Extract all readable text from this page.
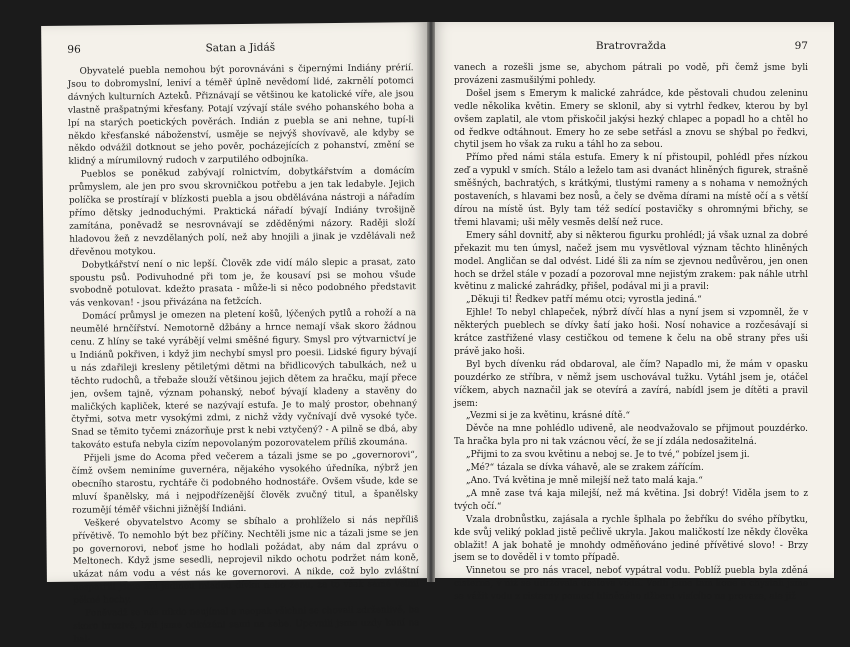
96	Satan a Jidáš

Obyvatelé puebla nemohou být porovnáváni s čipernými Indiány prérií. Jsou to dobromyslní, leniví a téměř úplně nevědomí lidé, zakrnělí potomci dávných kulturních Azteků. Přiznávají se většinou ke katolické víře, ale jsou vlastně prašpatnými křesťany. Potají vzývají stále svého pohanského boha a lpí na starých poetických pověrách. Indián z puebla se ani nehne, tupí-li někdo křesťanské náboženství, usměje se nejvýš shovívavě, ale kdyby se někdo odvážil dotknout se jeho pověr, pocházejících z pohanství, změní se klidný a mírumilovný rudoch v zarputilého odbojníka.

Pueblos se poněkud zabývají rolnictvím, dobytkářstvím a domácím průmyslem, ale jen pro svou skrovničkou potřebu a jen tak ledabyle. Jejich políčka se prostírají v blízkosti puebla a jsou obdělávána nástroji a nářadím přímo dětsky jednoduchými. Praktická nářadí bývají Indiány tvrošijně zamítána, poněvadž se nesrovnávají se zděděnými názory. Raději složí hladovou žeň z nevzdělaných polí, než aby hnojili a jinak je vzdělávali než dřevěnou motykou.

Dobytkářství není o nic lepší. Člověk zde vidí málo slepic a prasat, zato spoustu psů. Podivuhodné při tom je, že kousaví psi se mohou všude svobodně potulovat. kdežto prasata - může-li si něco podobného představit vás venkovan! - jsou přivázána na fetžcích.

Domácí průmysl je omezen na pletení košů, lýčených pytlů a rohoží a na neumělé hrnčířství. Nemotorně džbány a hrnce nemají však skoro žádnou cenu. Z hlíny se také vyrábějí velmi směšné figury. Smysl pro výtvarnictví je u Indiánů pokřiven, i když jim nechybí smysl pro poesii. Lidské figury bývají u nás zdařileji kresleny pětiletými dětmi na břidlicových tabulkách, než u těchto rudochů, a třebaže slouží většinou jejich dětem za hračku, mají přece jen, ovšem tajně, význam pohanský, neboť bývají kladeny a stavěny do maličkých kapliček, které se nazývají estufa. Je to malý prostor, obehnaný čtyřmi, sotva metr vysokými zdmi, z nichž vždy vyčnívají dvě vysoké tyče. Snad se těmito tyčemi znázorňuje prst k nebi vztyčený? - A pilně se dbá, aby takováto estufa nebyla cizím nepovolaným pozorovatelem příliš zkoumána.

Přijeli jsme do Acoma před večerem a tázali jsme se po „governorovi“, čímž ovšem neminíme guvernéra, nějakého vysokého úředníka, nýbrž jen obecního starostu, rychtáře či podobného hodnostáře. Ovšem všude, kde se mluví španělsky, má i nejpodřízenější člověk zvučný titul, a španělsky rozumějí téměř všichni jižnější Indiáni.

Veškeré obyvatelstvo Acomy se sbíhalo a prohlíželo si nás nepříliš přívětivě. To nemohlo být bez příčiny. Nechtěli jsme nic a tázali jsme se jen po governorovi, neboť jsme ho hodlali požádat, aby nám dal zprávu o Meltonech. Když jsme sesedli, neprojevil nikdo ochotu podržet nám koně, ukázat nám vodu a vést nás ke governorovi. A nikde, což bylo zvláštní nespatřili jsme ani jedinou mladou dívku nebo ženu, za to však samé velmi pěkné hochy.

Poněvadž se nás nikdo neujímal a naopak všichni se chovali zdrženlivě, ba skoro hrozivě, byli jsme odkázáni sami na sebe. Upevnili jsme uzdy koní na bal-

Bratrovražda	97

vanech a rozešli jsme se, abychom pátrali po vodě, při čemž jsme byli provázeni zasmušilými pohledy.

Došel jsem s Emerym k malické zahrádce, kde pěstovali chudou zeleninu vedle několika květin. Emery se sklonil, aby si vytrhl ředkev, kterou by byl ovšem zaplatil, ale vtom přiskočil jakýsi hezký chlapec a popadl ho a chtěl ho od ředkve odtáhnout. Emery ho ze sebe setřásl a znovu se shýbal po ředkvi, chytil jsem ho však za ruku a táhl ho za sebou.

Přímo před námi stála estufa. Emery k ní přistoupil, pohlédl přes nízkou zeď a vypukl v smích. Stálo a leželo tam asi dvanáct hliněných figurek, strašně směšných, bachratých, s krátkými, tlustými rameny a s nohama v nemožných postaveních, s hlavami bez nosů, a čely se dvěma dírami na místě očí a s větší dírou na místě úst. Byly tam též sedící postavičky s ohromnými břichy, se třemi hlavami; uši měly vesměs delší než ruce.

Emery sáhl dovnitř, aby si některou figurku prohlédl; já však uznal za dobré překazit mu ten úmysl, načež jsem mu vysvětloval význam těchto hliněných model. Angličan se dal odvést. Lidé šli za ním se zjevnou nedůvěrou, jen onen hoch se držel stále v pozadí a pozoroval mne nejistým zrakem: pak náhle utrhl květinu z malické zahrádky, přišel, podával mi ji a pravil:

„Děkuji ti! Ředkev patří mému otci; vyrostla jediná.“

Ejhle! To nebyl chlapeček, nýbrž dívčí hlas a nyní jsem si vzpomněl, že v některých pueblech se dívky šatí jako hoši. Nosí nohavice a rozčesávají si krátce zastřižené vlasy cestičkou od temene k čelu na obě strany přes uši právě jako hoši.

Byl bych dívenku rád obdaroval, ale čím? Napadlo mi, že mám v opasku pouzdérko ze stříbra, v němž jsem uschovával tužku. Vytáhl jsem je, otáčel víčkem, abych naznačil jak se otevírá a zavírá, nabídl jsem je dítěti a pravil jsem:

„Vezmi si je za květinu, krásné dítě.“

Děvče na mne pohlédlo udiveně, ale neodvažovalo se přijmout pouzdérko. Ta hračka byla pro ni tak vzácnou věcí, že se jí zdála nedosažitelná.

„Přijmi to za svou květinu a neboj se. Je to tvé,“ pobízel jsem ji.

„Mé?“ tázala se dívka váhavě, ale se zrakem zářícím.

„Ano. Tvá květina je mně milejší než tato malá kaja.“

„A mně zase tvá kaja milejší, než má květina. Jsi dobrý! Viděla jsem to z tvých očí.“

Vzala drobnůstku, zajásala a rychle šplhala po žebříku do svého příbytku, kde svůj veliký poklad jistě pečlivě ukryla. Jakou maličkostí lze někdy člověka oblažit! A jak bohatě je mnohdy odměňováno jediné přívětivé slovo! - Brzy jsem se to dověděl i v tomto případě.

Vinnetou se pro nás vracel, neboť vypátral vodu. Poblíž puebla byla zděná cisterna, v níž se udržovala dešťová voda. Vedli jsme tam koně a chystali jsme se vážit vodu z cisterny pomocí hliněného džberu visícího na provaze, ale již
